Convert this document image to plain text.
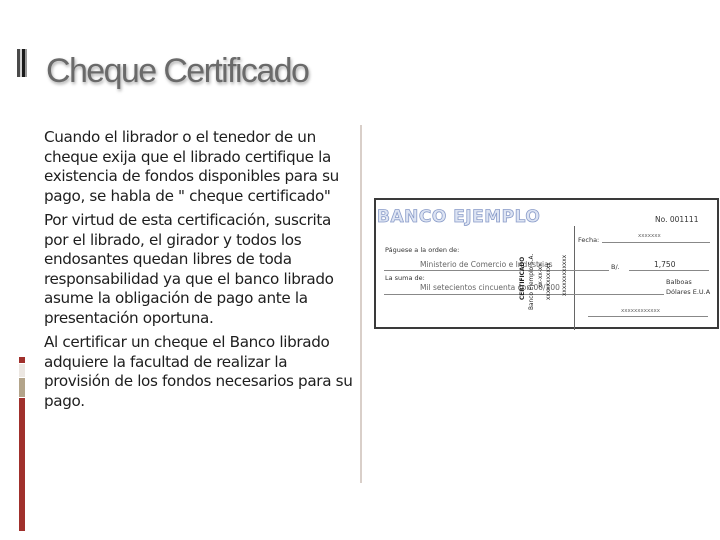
Cheque Certificado

Cuando el librador o el tenedor de un cheque exija que el librado certifique la existencia de fondos disponibles para su pago, se habla de " cheque certificado"

Por virtud de esta certificación, suscrita por el librado, el girador y todos los endosantes quedan libres de toda responsabilidad ya que el banco librado asume la obligación de pago ante la presentación oportuna.

Al certificar un cheque el Banco librado adquiere la facultad de realizar la provisión de los fondos necesarios para su pago.

BANCO EJEMPLO	No. 001111
Fecha:	xxxxxxx
Páguese a la orden de:
Ministerio de Comercio e Industrias	B/.	1,750
La suma de:
Mil setecientos cincuenta con 00/100
Balboas
Dólares E.U.A
xxxxxxxxxxxx
CERTIFICADO Banco Ejemplo S.A. xx-xx-xx xxxxxxxxxxx xxxxxxxxxxxx
